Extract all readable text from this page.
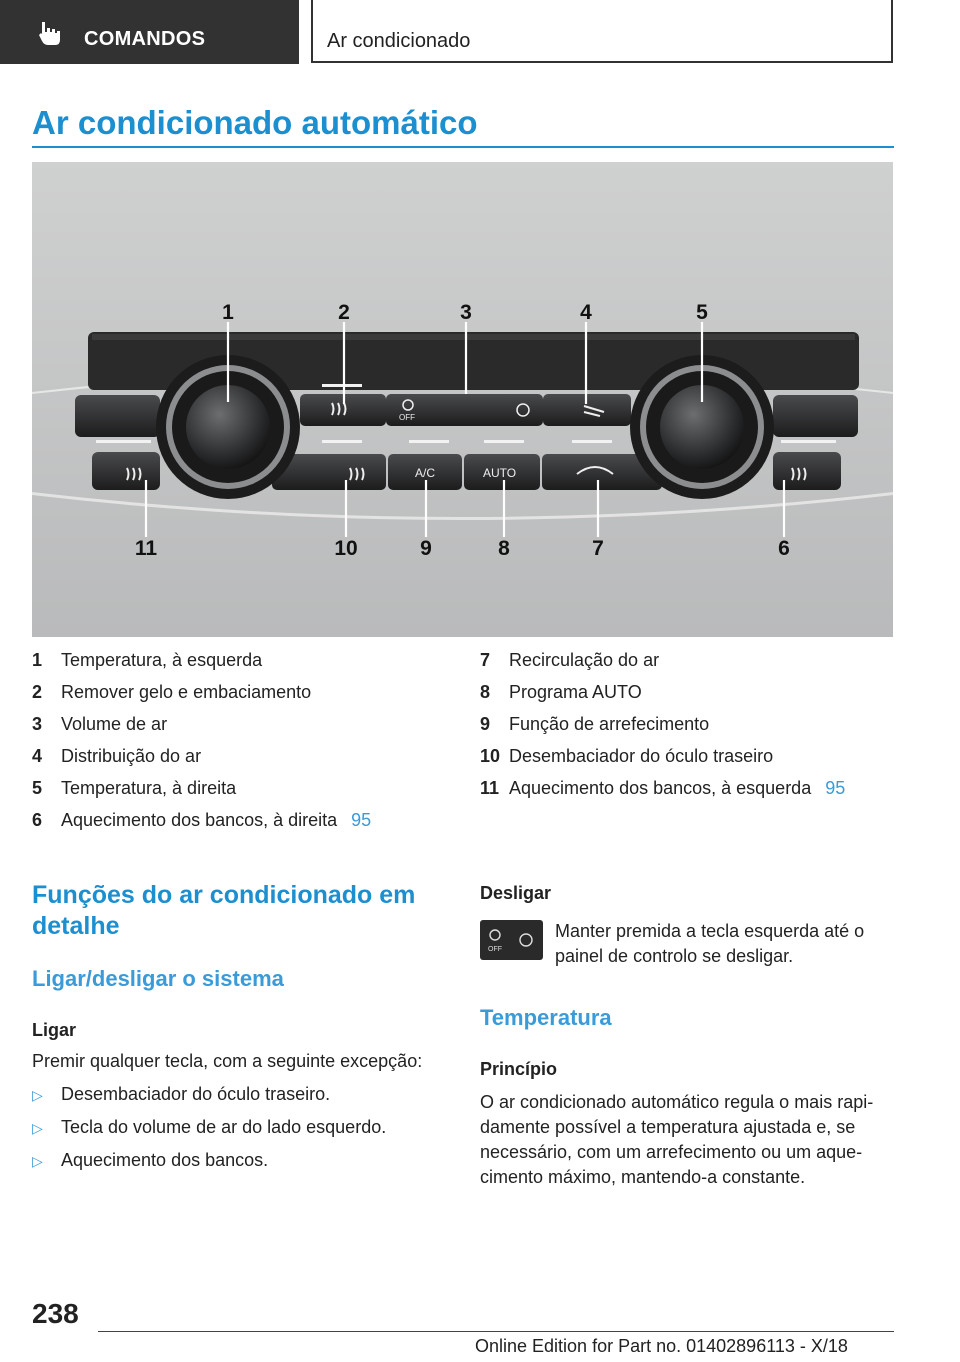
COMANDOS	Ar condicionado
Ar condicionado automático
OFF
A/C	AUTO
1	2	3	4	5
11	10	9	8	7	6
1 Temperatura, à esquerda
2 Remover gelo e embaciamento
3 Volume de ar
4 Distribuição do ar
5 Temperatura, à direita
6 Aquecimento dos bancos, à direita 95
7 Recirculação do ar
8 Programa AUTO
9 Função de arrefecimento
10 Desembaciador do óculo traseiro
11 Aquecimento dos bancos, à esquerda 95
Funções do ar condicionado em detalhe
Ligar/desligar o sistema
Ligar
Premir qualquer tecla, com a seguinte excepção:
▷ Desembaciador do óculo traseiro.
▷ Tecla do volume de ar do lado esquerdo.
▷ Aquecimento dos bancos.
Desligar
OFF
Manter premida a tecla esquerda até o
painel de controlo se desligar.
Temperatura
Princípio
O ar condicionado automático regula o mais rapi-
damente possível a temperatura ajustada e, se
necessário, com um arrefecimento ou um aque-
cimento máximo, mantendo-a constante.
238
Online Edition for Part no. 01402896113 - X/18
